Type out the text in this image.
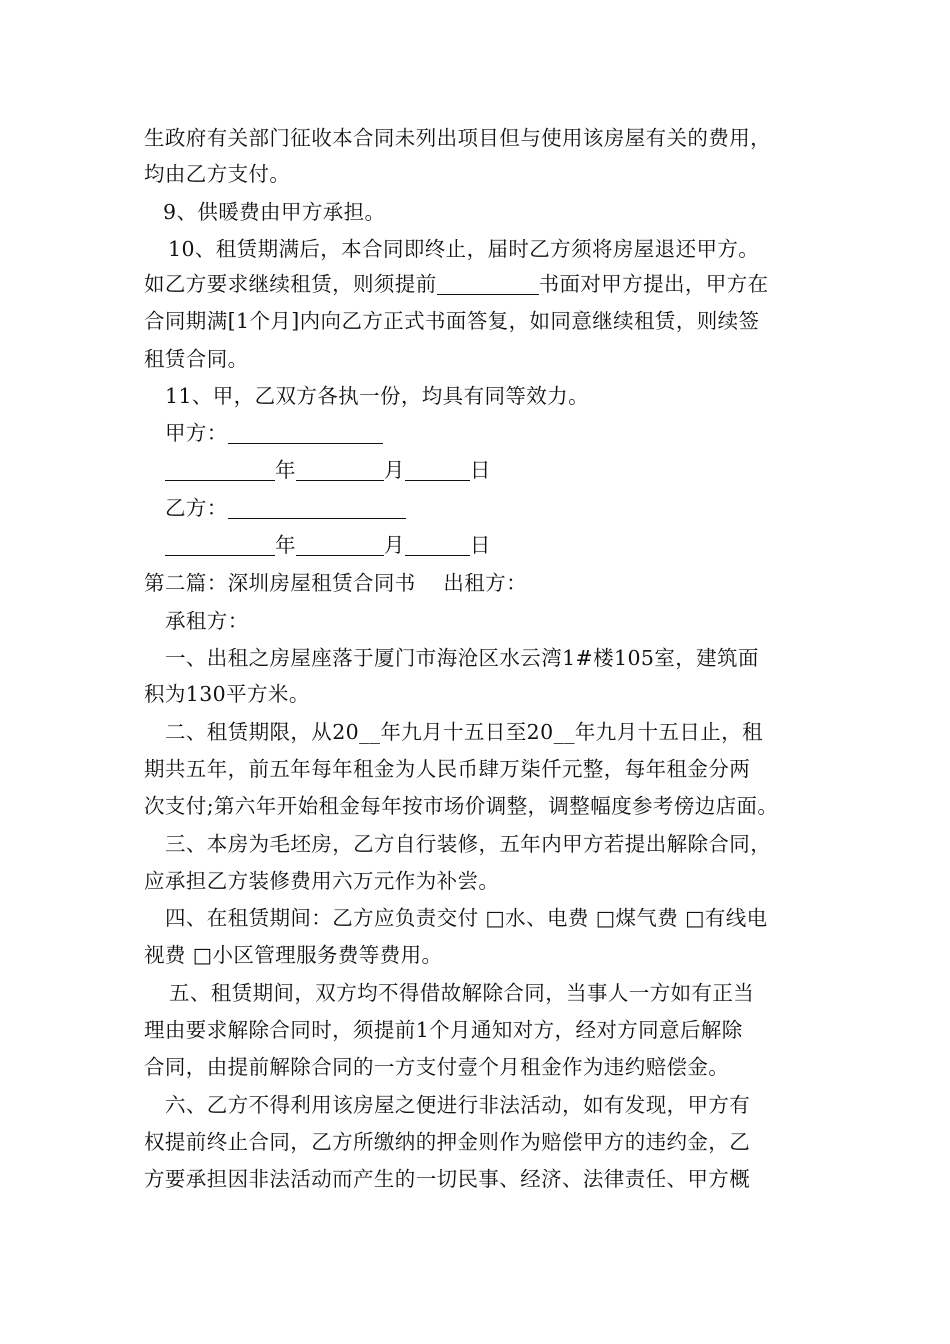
生政府有关部门征收本合同未列出项目但与使用该房屋有关的费用，
均由乙方支付。
9、供暖费由甲方承担。
10、租赁期满后，本合同即终止，届时乙方须将房屋退还甲方。
如乙方要求继续租赁，则须提前	书面对甲方提出，甲方在
合同期满[1个月]内向乙方正式书面答复，如同意继续租赁，则续签
租赁合同。
11、甲，乙双方各执一份，均具有同等效力。
甲方：
年	月	日
乙方：
年	月	日
第二篇：深圳房屋租赁合同书    出租方：
承租方：
一、出租之房屋座落于厦门市海沧区水云湾1#楼105室，建筑面
积为130平方米。
二、租赁期限，从20__年九月十五日至20__年九月十五日止，租
期共五年，前五年每年租金为人民币肆万柒仟元整，每年租金分两
次支付;第六年开始租金每年按市场价调整，调整幅度参考傍边店面。
三、本房为毛坯房，乙方自行装修，五年内甲方若提出解除合同，
应承担乙方装修费用六万元作为补尝。
四、在租赁期间：乙方应负责交付 □水、电费 □煤气费 □有线电
视费 □小区管理服务费等费用。
五、租赁期间，双方均不得借故解除合同，当事人一方如有正当
理由要求解除合同时，须提前1个月通知对方，经对方同意后解除
合同，由提前解除合同的一方支付壹个月租金作为违约赔偿金。
六、乙方不得利用该房屋之便进行非法活动，如有发现，甲方有
权提前终止合同，乙方所缴纳的押金则作为赔偿甲方的违约金，乙
方要承担因非法活动而产生的一切民事、经济、法律责任、甲方概
